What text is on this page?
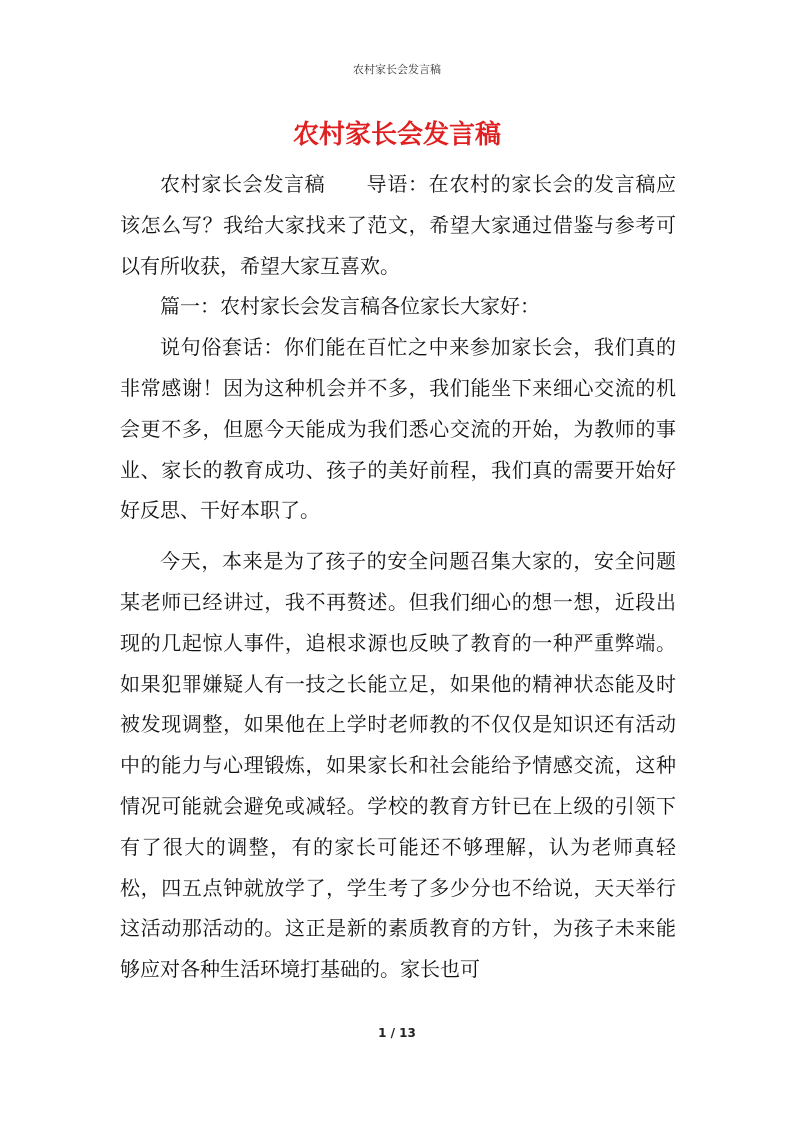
农村家长会发言稿
农村家长会发言稿

农村家长会发言稿　　导语：在农村的家长会的发言稿应该怎么写？我给大家找来了范文，希望大家通过借鉴与参考可以有所收获，希望大家互喜欢。

篇一：农村家长会发言稿各位家长大家好：

说句俗套话：你们能在百忙之中来参加家长会，我们真的非常感谢！因为这种机会并不多，我们能坐下来细心交流的机会更不多，但愿今天能成为我们悉心交流的开始，为教师的事业、家长的教育成功、孩子的美好前程，我们真的需要开始好好反思、干好本职了。

今天，本来是为了孩子的安全问题召集大家的，安全问题某老师已经讲过，我不再赘述。但我们细心的想一想，近段出现的几起惊人事件，追根求源也反映了教育的一种严重弊端。如果犯罪嫌疑人有一技之长能立足，如果他的精神状态能及时被发现调整，如果他在上学时老师教的不仅仅是知识还有活动中的能力与心理锻炼，如果家长和社会能给予情感交流，这种情况可能就会避免或减轻。学校的教育方针已在上级的引领下有了很大的调整，有的家长可能还不够理解，认为老师真轻松，四五点钟就放学了，学生考了多少分也不给说，天天举行这活动那活动的。这正是新的素质教育的方针，为孩子未来能够应对各种生活环境打基础的。家长也可

1 / 13
